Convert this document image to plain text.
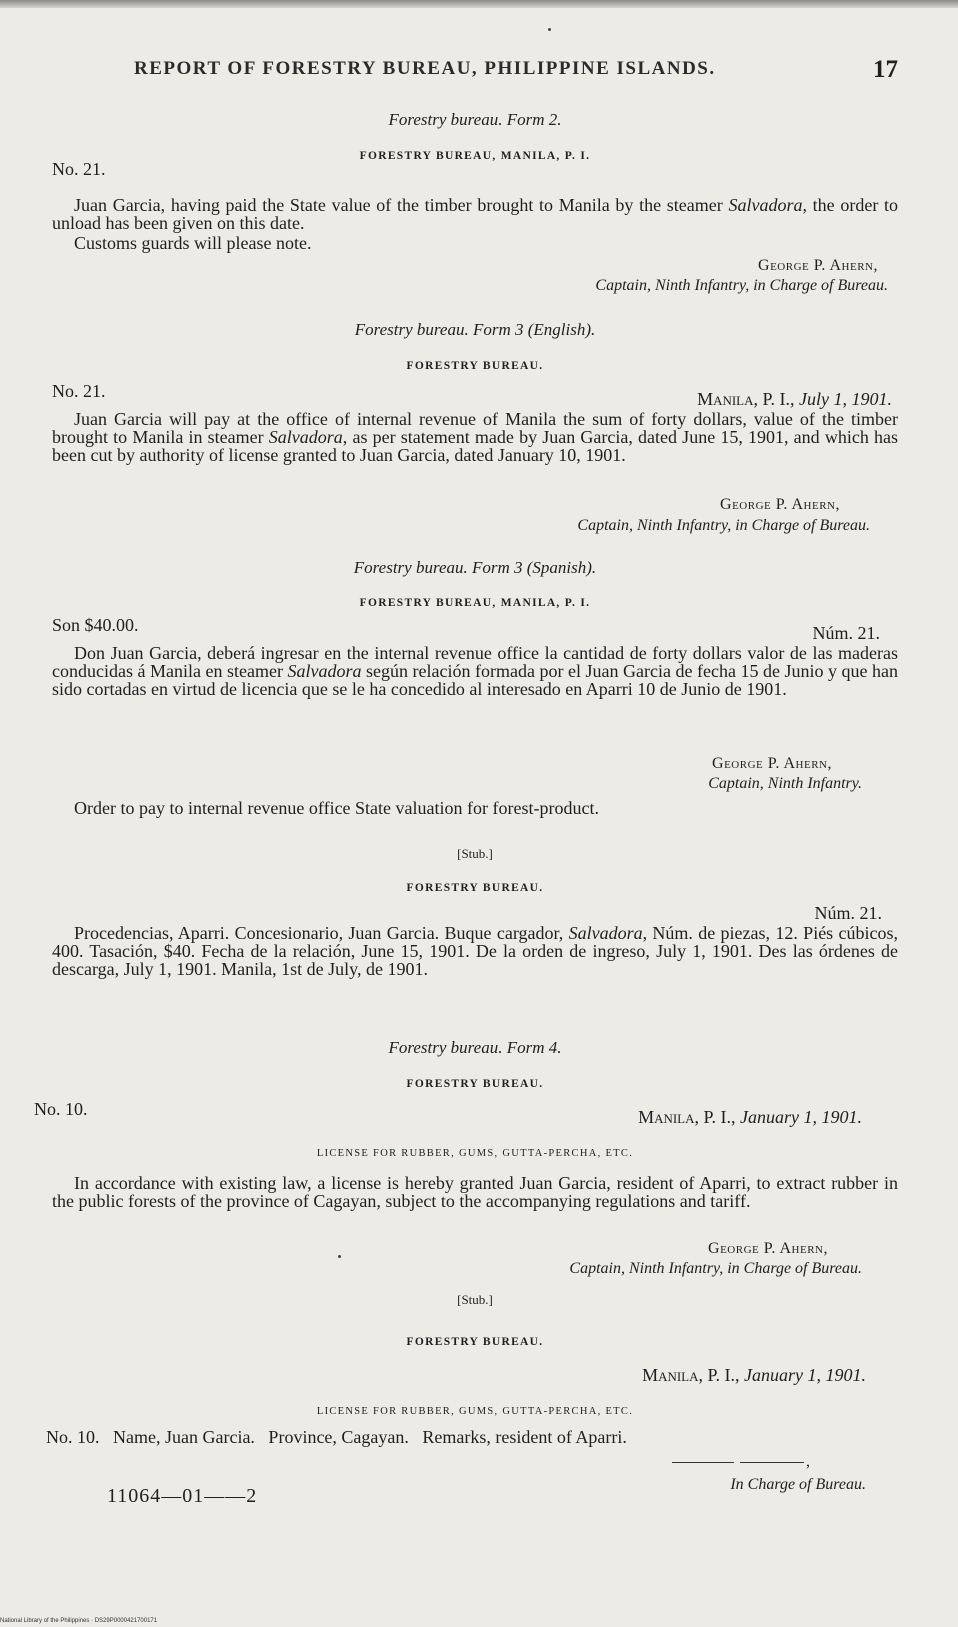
REPORT OF FORESTRY BUREAU, PHILIPPINE ISLANDS.	17
Forestry bureau. Form 2.
FORESTRY BUREAU, MANILA, P. I.
No. 21.
Juan Garcia, having paid the State value of the timber brought to Manila by the steamer Salvadora, the order to unload has been given on this date.
Customs guards will please note.
George P. Ahern,
Captain, Ninth Infantry, in Charge of Bureau.
Forestry bureau. Form 3 (English).
FORESTRY BUREAU.
No. 21.	Manila, P. I., July 1, 1901.
Juan Garcia will pay at the office of internal revenue of Manila the sum of forty dollars, value of the timber brought to Manila in steamer Salvadora, as per statement made by Juan Garcia, dated June 15, 1901, and which has been cut by authority of license granted to Juan Garcia, dated January 10, 1901.
George P. Ahern,
Captain, Ninth Infantry, in Charge of Bureau.
Forestry bureau. Form 3 (Spanish).
FORESTRY BUREAU, MANILA, P. I.
Son $40.00.	Núm. 21.
Don Juan Garcia, deberá ingresar en the internal revenue office la cantidad de forty dollars valor de las maderas conducidas á Manila en steamer Salvadora según relación formada por el Juan Garcia de fecha 15 de Junio y que han sido cortadas en virtud de licencia que se le ha concedido al interesado en Aparri 10 de Junio de 1901.
George P. Ahern,
Captain, Ninth Infantry.
Order to pay to internal revenue office State valuation for forest-product.
[Stub.]
FORESTRY BUREAU.
Núm. 21.
Procedencias, Aparri. Concesionario, Juan Garcia. Buque cargador, Salvadora, Núm. de piezas, 12. Piés cúbicos, 400. Tasación, $40. Fecha de la relación, June 15, 1901. De la orden de ingreso, July 1, 1901. Des las órdenes de descarga, July 1, 1901. Manila, 1st de July, de 1901.
Forestry bureau. Form 4.
FORESTRY BUREAU.
No. 10.	Manila, P. I., January 1, 1901.
LICENSE FOR RUBBER, GUMS, GUTTA-PERCHA, ETC.
In accordance with existing law, a license is hereby granted Juan Garcia, resident of Aparri, to extract rubber in the public forests of the province of Cagayan, subject to the accompanying regulations and tariff.
George P. Ahern,
Captain, Ninth Infantry, in Charge of Bureau.
[Stub.]
FORESTRY BUREAU.
Manila, P. I., January 1, 1901.
LICENSE FOR RUBBER, GUMS, GUTTA-PERCHA, ETC.
No. 10.   Name, Juan Garcia.   Province, Cagayan.   Remarks, resident of Aparri.
,
In Charge of Bureau.
11064—01——2
National Library of the Philippines · DS29P0000421700171
